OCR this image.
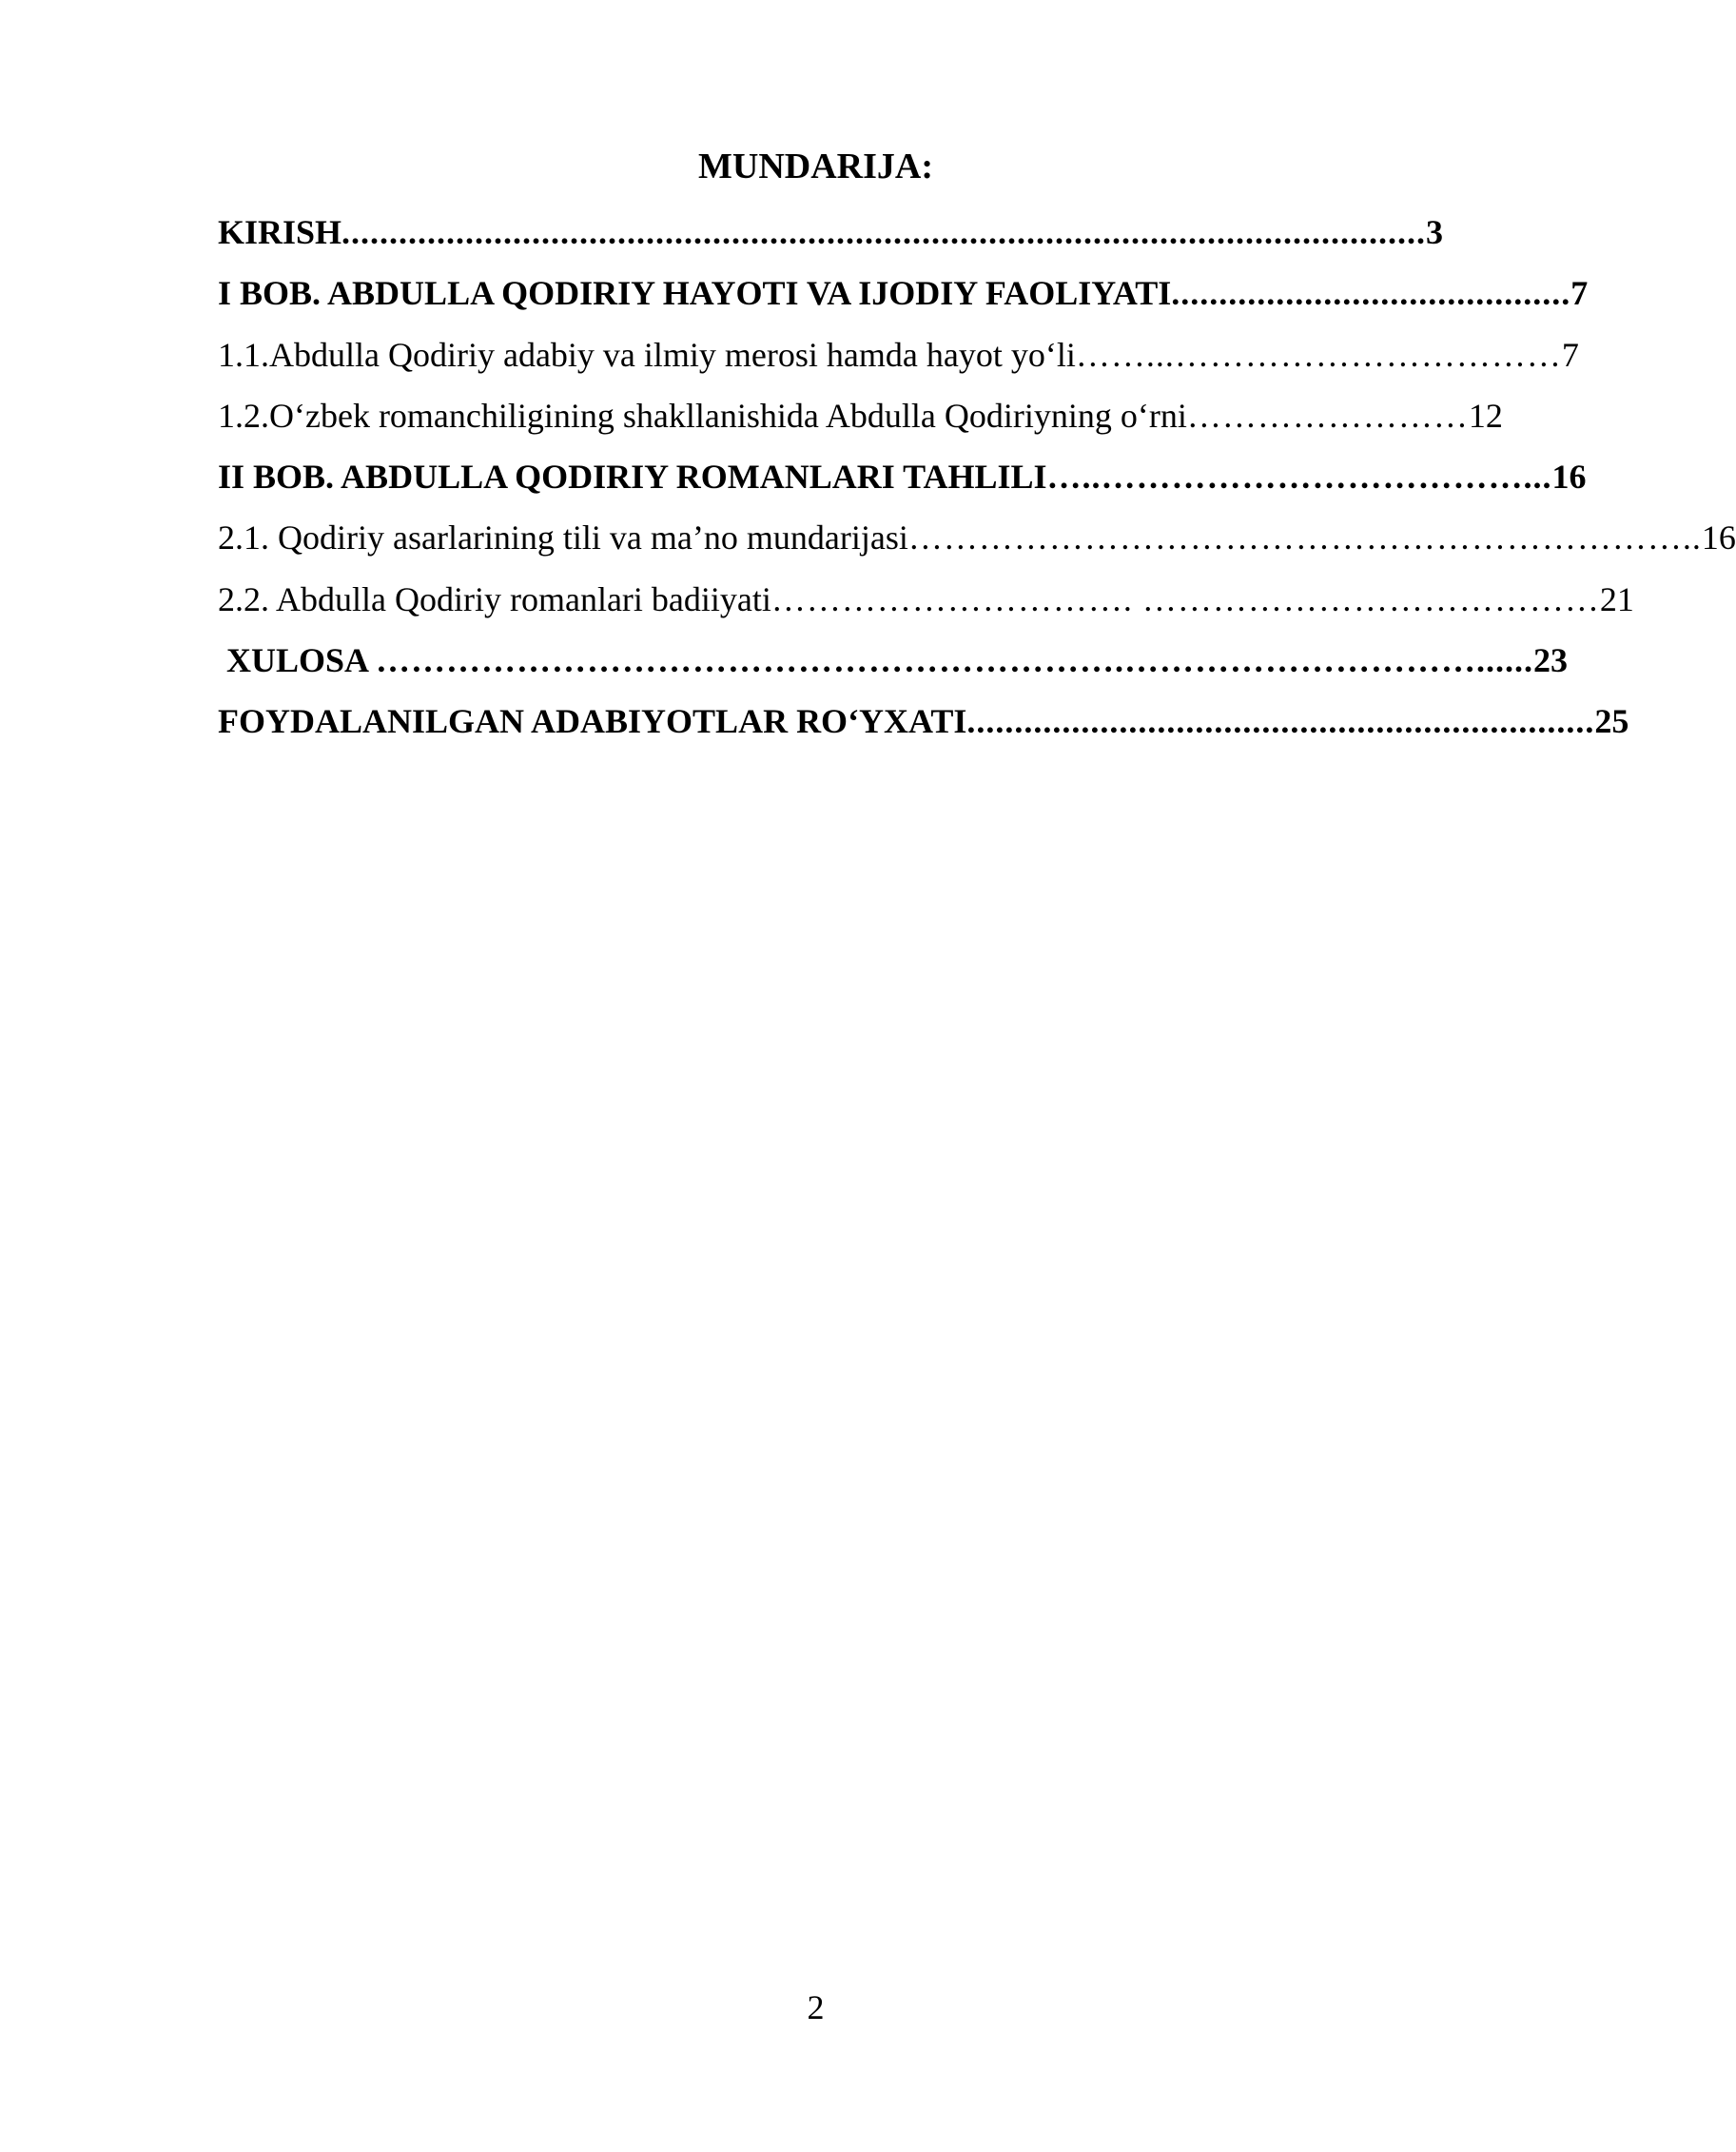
MUNDARIJA:
KIRISH .................................................................................................................. 3
I BOB. ABDULLA QODIRIY HAYOTI VA IJODIY FAOLIYATI .......................................... 7
1.1.Abdulla Qodiriy adabiy va ilmiy merosi hamda hayot yo‘li ……...…………………………… 7
1.2.O‘zbek romanchiligining shakllanishida Abdulla Qodiriyning o‘rni …………………… 12
II BOB. ABDULLA QODIRIY ROMANLARI TAHLILI …..………………………………... 16
2.1. Qodiriy asarlarining tili va ma’no mundarijasi ………………………………………………………….. 16
2.2. Abdulla Qodiriy romanlari badiiyati …………………………. ………………………………… 21
XULOSA ……………………………………………………….…………………………...... 23
FOYDALANILGAN ADABIYOTLAR RO‘YXATI .................................................................. 25
2
